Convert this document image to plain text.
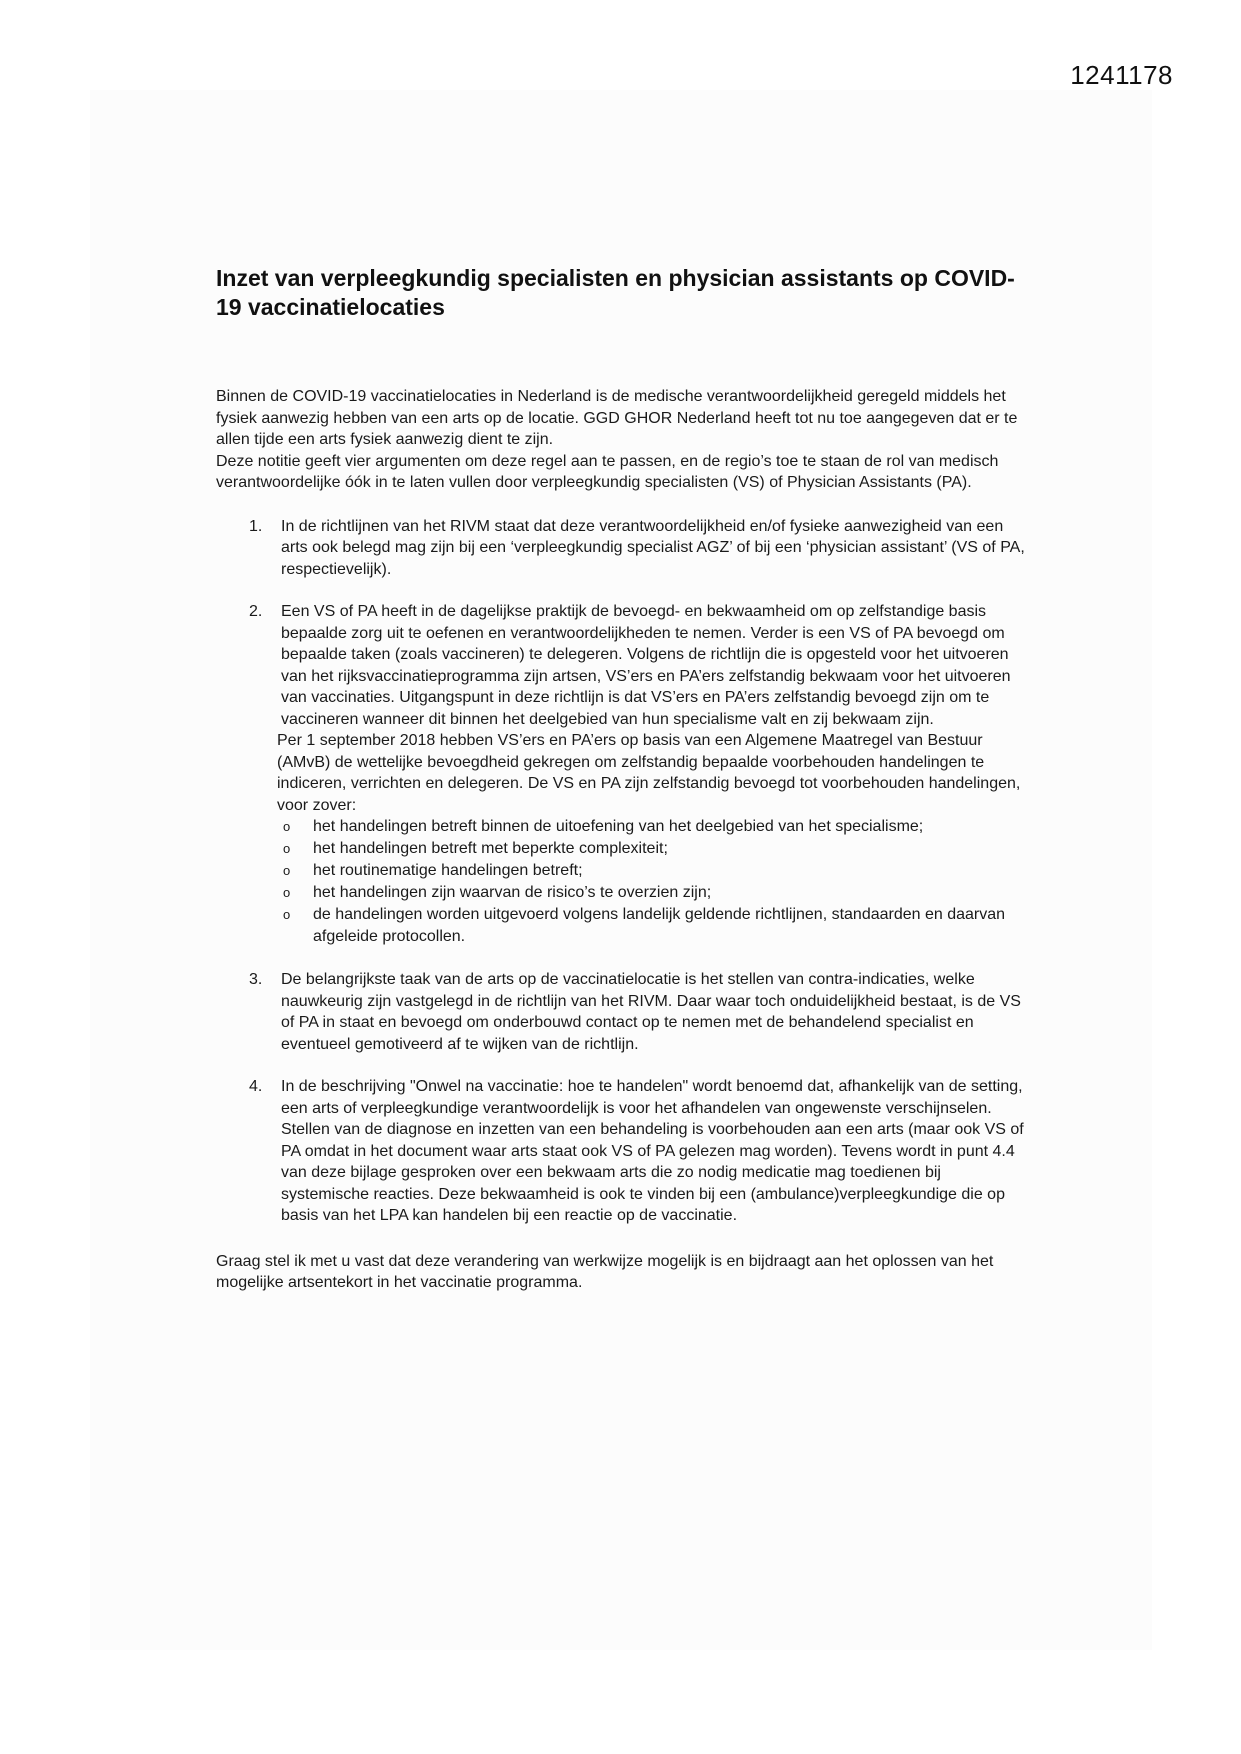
1241178
Inzet van verpleegkundig specialisten en physician assistants op COVID-19 vaccinatielocaties

Binnen de COVID-19 vaccinatielocaties in Nederland is de medische verantwoordelijkheid geregeld middels het fysiek aanwezig hebben van een arts op de locatie. GGD GHOR Nederland heeft tot nu toe aangegeven dat er te allen tijde een arts fysiek aanwezig dient te zijn.

Deze notitie geeft vier argumenten om deze regel aan te passen, en de regio’s toe te staan de rol van medisch verantwoordelijke óók in te laten vullen door verpleegkundig specialisten (VS) of Physician Assistants (PA).

1. In de richtlijnen van het RIVM staat dat deze verantwoordelijkheid en/of fysieke aanwezigheid van een arts ook belegd mag zijn bij een ‘verpleegkundig specialist AGZ’ of bij een ‘physician assistant’ (VS of PA, respectievelijk).

2. Een VS of PA heeft in de dagelijkse praktijk de bevoegd- en bekwaamheid om op zelfstandige basis bepaalde zorg uit te oefenen en verantwoordelijkheden te nemen. Verder is een VS of PA bevoegd om bepaalde taken (zoals vaccineren) te delegeren. Volgens de richtlijn die is opgesteld voor het uitvoeren van het rijksvaccinatieprogramma zijn artsen, VS’ers en PA’ers zelfstandig bekwaam voor het uitvoeren van vaccinaties. Uitgangspunt in deze richtlijn is dat VS’ers en PA’ers zelfstandig bevoegd zijn om te vaccineren wanneer dit binnen het deelgebied van hun specialisme valt en zij bekwaam zijn.

Per 1 september 2018 hebben VS’ers en PA’ers op basis van een Algemene Maatregel van Bestuur (AMvB) de wettelijke bevoegdheid gekregen om zelfstandig bepaalde voorbehouden handelingen te indiceren, verrichten en delegeren. De VS en PA zijn zelfstandig bevoegd tot voorbehouden handelingen, voor zover:

o het handelingen betreft binnen de uitoefening van het deelgebied van het specialisme;
o het handelingen betreft met beperkte complexiteit;
o het routinematige handelingen betreft;
o het handelingen zijn waarvan de risico’s te overzien zijn;
o de handelingen worden uitgevoerd volgens landelijk geldende richtlijnen, standaarden en daarvan afgeleide protocollen.
3. De belangrijkste taak van de arts op de vaccinatielocatie is het stellen van contra-indicaties, welke nauwkeurig zijn vastgelegd in de richtlijn van het RIVM. Daar waar toch onduidelijkheid bestaat, is de VS of PA in staat en bevoegd om onderbouwd contact op te nemen met de behandelend specialist en eventueel gemotiveerd af te wijken van de richtlijn.

4. In de beschrijving "Onwel na vaccinatie: hoe te handelen" wordt benoemd dat, afhankelijk van de setting, een arts of verpleegkundige verantwoordelijk is voor het afhandelen van ongewenste verschijnselen. Stellen van de diagnose en inzetten van een behandeling is voorbehouden aan een arts (maar ook VS of PA omdat in het document waar arts staat ook VS of PA gelezen mag worden). Tevens wordt in punt 4.4 van deze bijlage gesproken over een bekwaam arts die zo nodig medicatie mag toedienen bij systemische reacties. Deze bekwaamheid is ook te vinden bij een (ambulance)verpleegkundige die op basis van het LPA kan handelen bij een reactie op de vaccinatie.

Graag stel ik met u vast dat deze verandering van werkwijze mogelijk is en bijdraagt aan het oplossen van het mogelijke artsentekort in het vaccinatie programma.
